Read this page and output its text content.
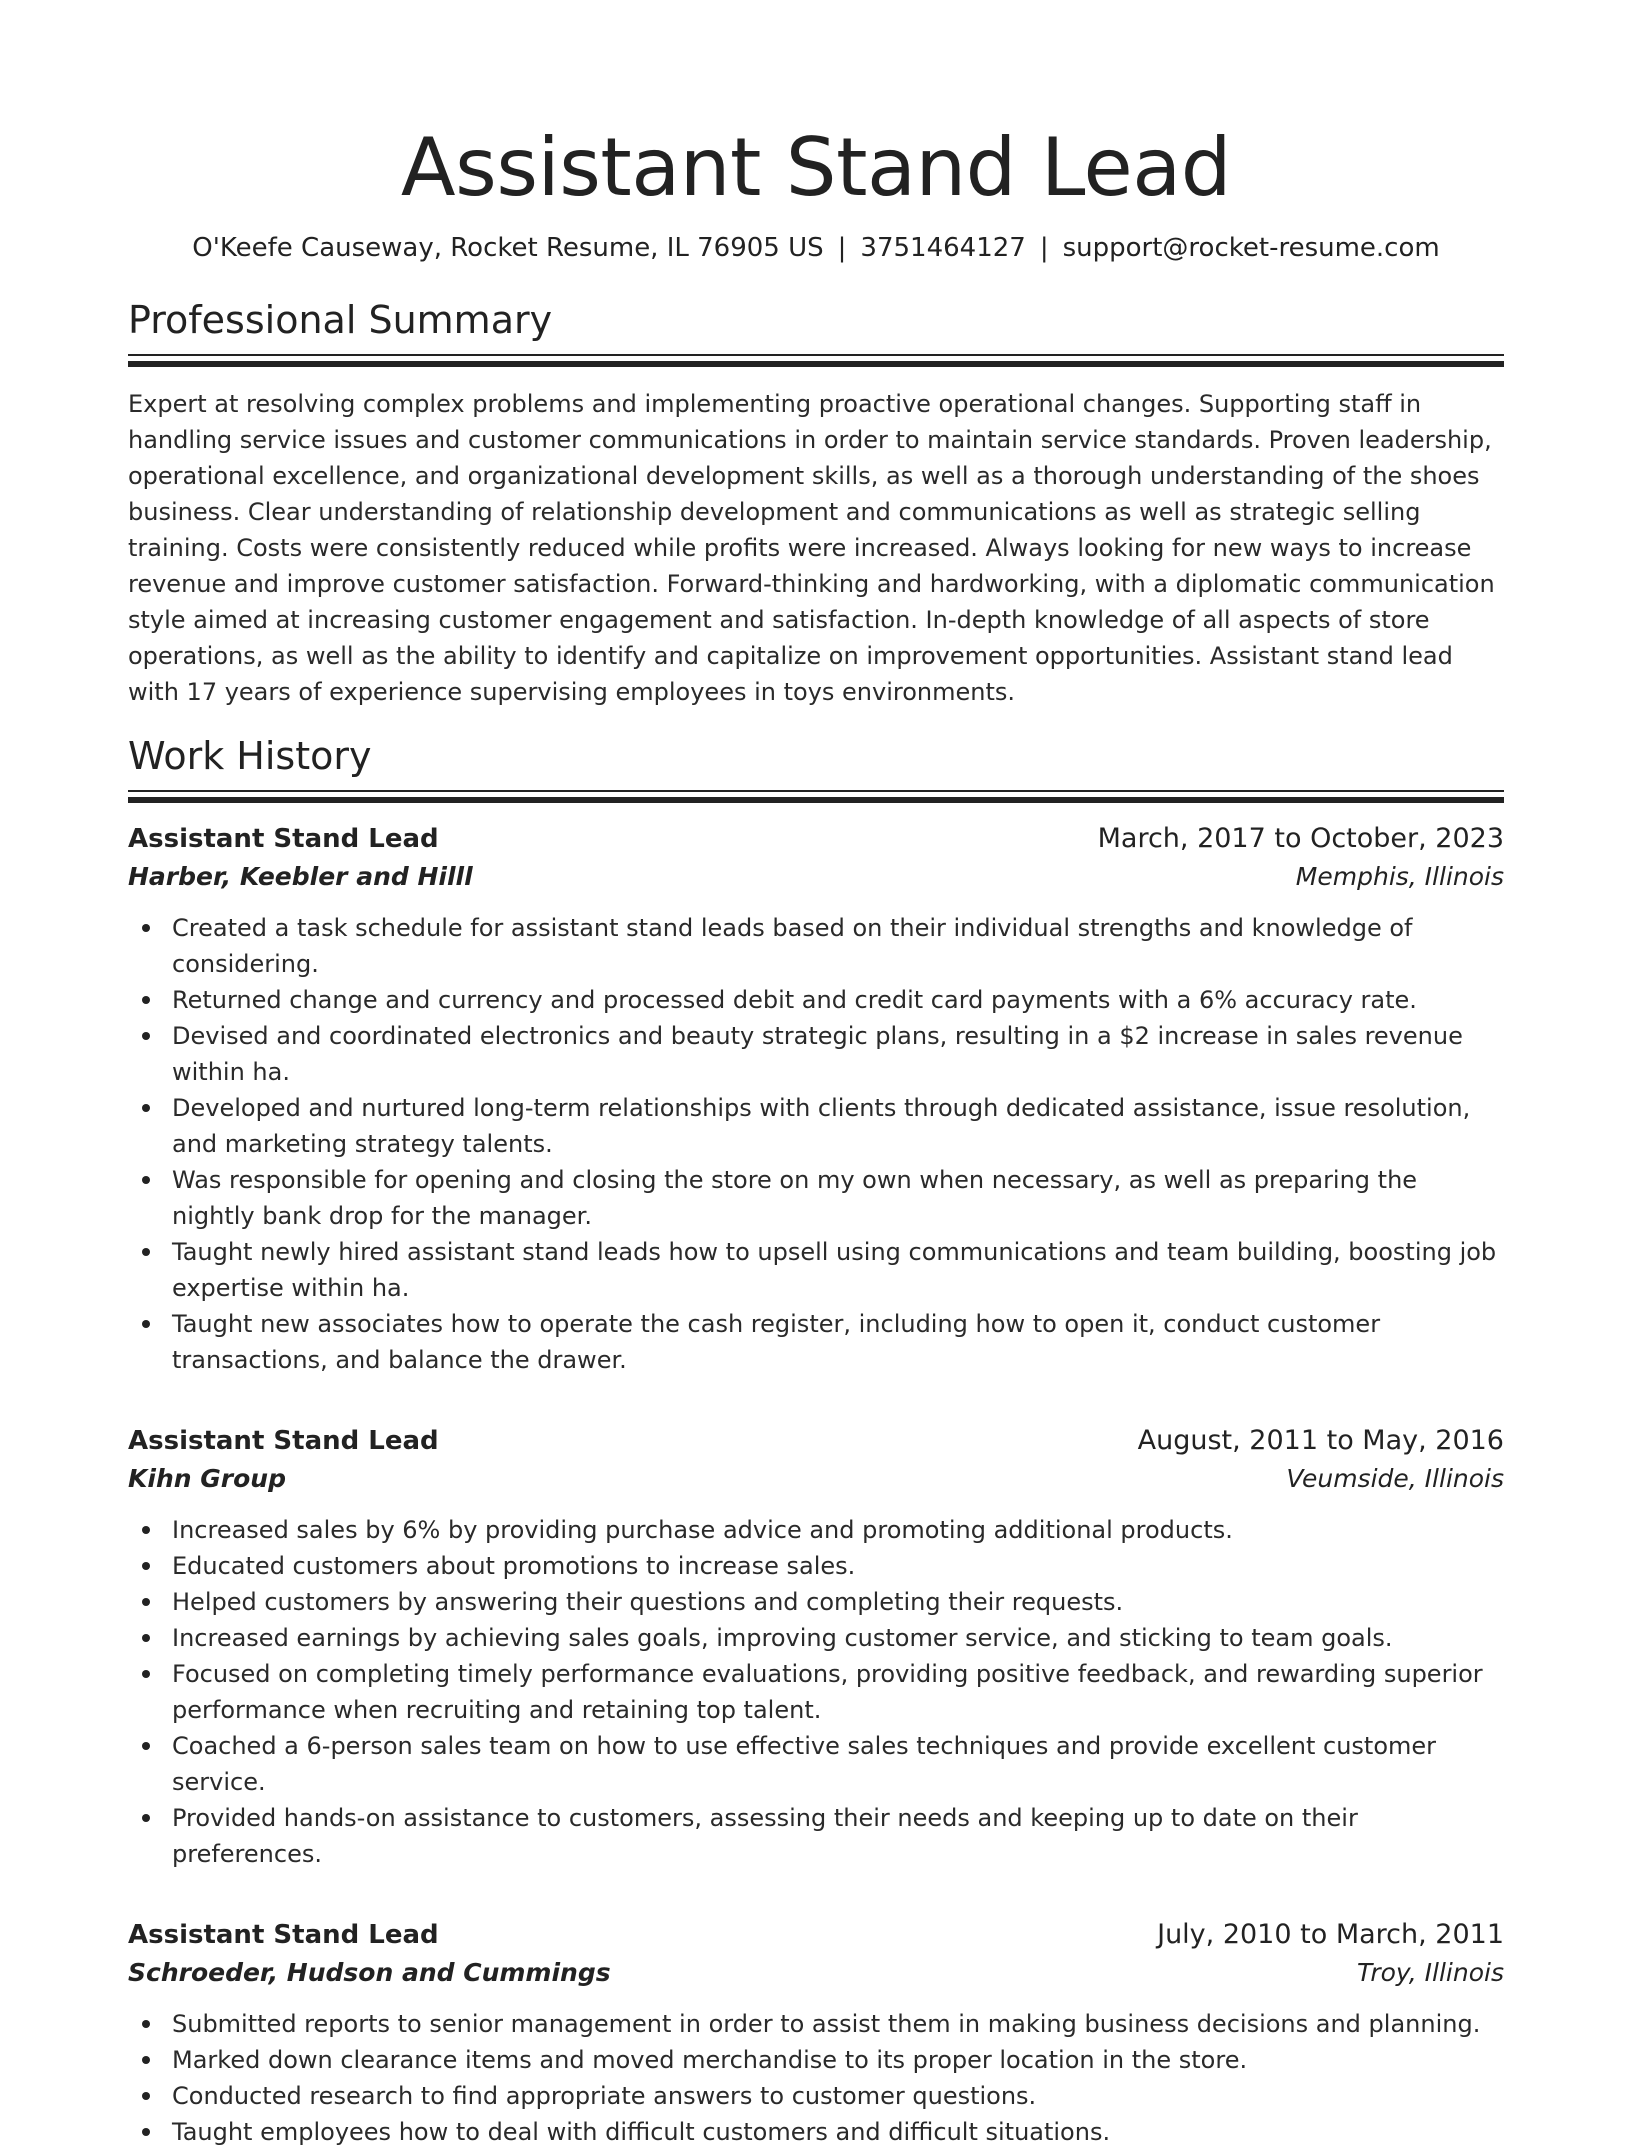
Assistant Stand Lead
O'Keefe Causeway, Rocket Resume, IL 76905 US | 3751464127 | support@rocket-resume.com
Professional Summary
Expert at resolving complex problems and implementing proactive operational changes. Supporting staff in handling service issues and customer communications in order to maintain service standards. Proven leadership, operational excellence, and organizational development skills, as well as a thorough understanding of the shoes business. Clear understanding of relationship development and communications as well as strategic selling training. Costs were consistently reduced while profits were increased. Always looking for new ways to increase revenue and improve customer satisfaction. Forward-thinking and hardworking, with a diplomatic communication style aimed at increasing customer engagement and satisfaction. In-depth knowledge of all aspects of store operations, as well as the ability to identify and capitalize on improvement opportunities. Assistant stand lead with 17 years of experience supervising employees in toys environments.
Work History
Assistant Stand Lead	March, 2017 to October, 2023
Harber, Keebler and Hilll	Memphis, Illinois
Created a task schedule for assistant stand leads based on their individual strengths and knowledge of considering.
Returned change and currency and processed debit and credit card payments with a 6% accuracy rate.
Devised and coordinated electronics and beauty strategic plans, resulting in a $2 increase in sales revenue within ha.
Developed and nurtured long-term relationships with clients through dedicated assistance, issue resolution, and marketing strategy talents.
Was responsible for opening and closing the store on my own when necessary, as well as preparing the nightly bank drop for the manager.
Taught newly hired assistant stand leads how to upsell using communications and team building, boosting job expertise within ha.
Taught new associates how to operate the cash register, including how to open it, conduct customer transactions, and balance the drawer.
Assistant Stand Lead	August, 2011 to May, 2016
Kihn Group	Veumside, Illinois
Increased sales by 6% by providing purchase advice and promoting additional products.
Educated customers about promotions to increase sales.
Helped customers by answering their questions and completing their requests.
Increased earnings by achieving sales goals, improving customer service, and sticking to team goals.
Focused on completing timely performance evaluations, providing positive feedback, and rewarding superior performance when recruiting and retaining top talent.
Coached a 6-person sales team on how to use effective sales techniques and provide excellent customer service.
Provided hands-on assistance to customers, assessing their needs and keeping up to date on their preferences.
Assistant Stand Lead	July, 2010 to March, 2011
Schroeder, Hudson and Cummings	Troy, Illinois
Submitted reports to senior management in order to assist them in making business decisions and planning.
Marked down clearance items and moved merchandise to its proper location in the store.
Conducted research to find appropriate answers to customer questions.
Taught employees how to deal with difficult customers and difficult situations.
